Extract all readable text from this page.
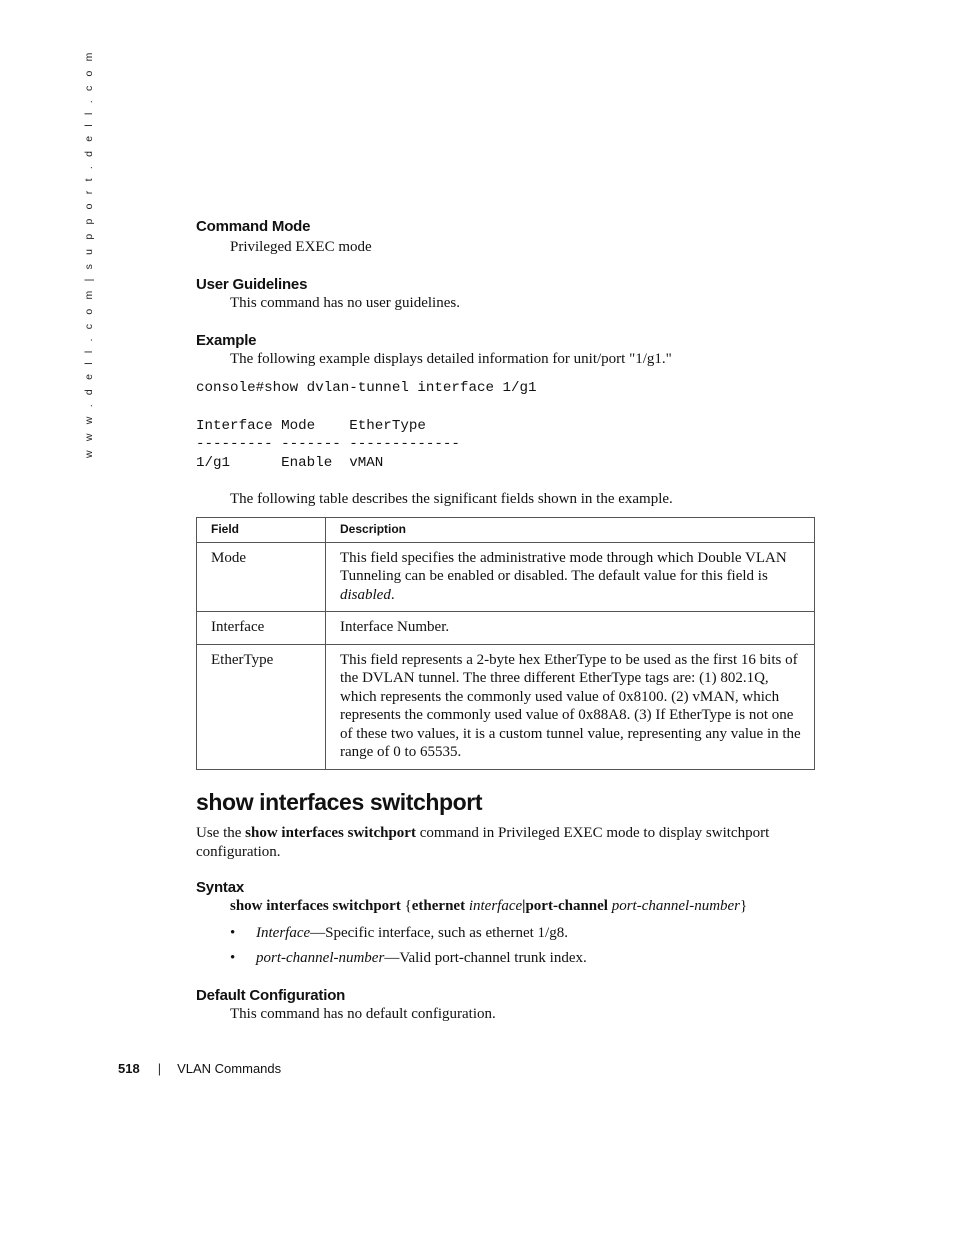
w w w . d e l l . c o m | s u p p o r t . d e l l . c o m	Command Mode

Privileged EXEC mode

User Guidelines

This command has no user guidelines.

Example

The following example displays detailed information for unit/port "1/g1."

console#show dvlan-tunnel interface 1/g1
Interface Mode    EtherType
--------- ------- -------------
1/g1      Enable  vMAN

The following table describes the significant fields shown in the example.

Field	Description
Mode	This field specifies the administrative mode through which Double VLAN Tunneling can be enabled or disabled. The default value for this field is disabled.
Interface	Interface Number.
EtherType	This field represents a 2-byte hex EtherType to be used as the first 16 bits of the DVLAN tunnel. The three different EtherType tags are: (1) 802.1Q, which represents the commonly used value of 0x8100. (2) vMAN, which represents the commonly used value of 0x88A8. (3) If EtherType is not one of these two values, it is a custom tunnel value, representing any value in the range of 0 to 65535.
show interfaces switchport

Use the show interfaces switchport command in Privileged EXEC mode to display switchport configuration.

Syntax

show interfaces switchport {ethernet interface|port-channel port-channel-number}

• Interface—Specific interface, such as ethernet 1/g8.
• port-channel-number—Valid port-channel trunk index.
Default Configuration

This command has no default configuration.

518 | VLAN Commands
